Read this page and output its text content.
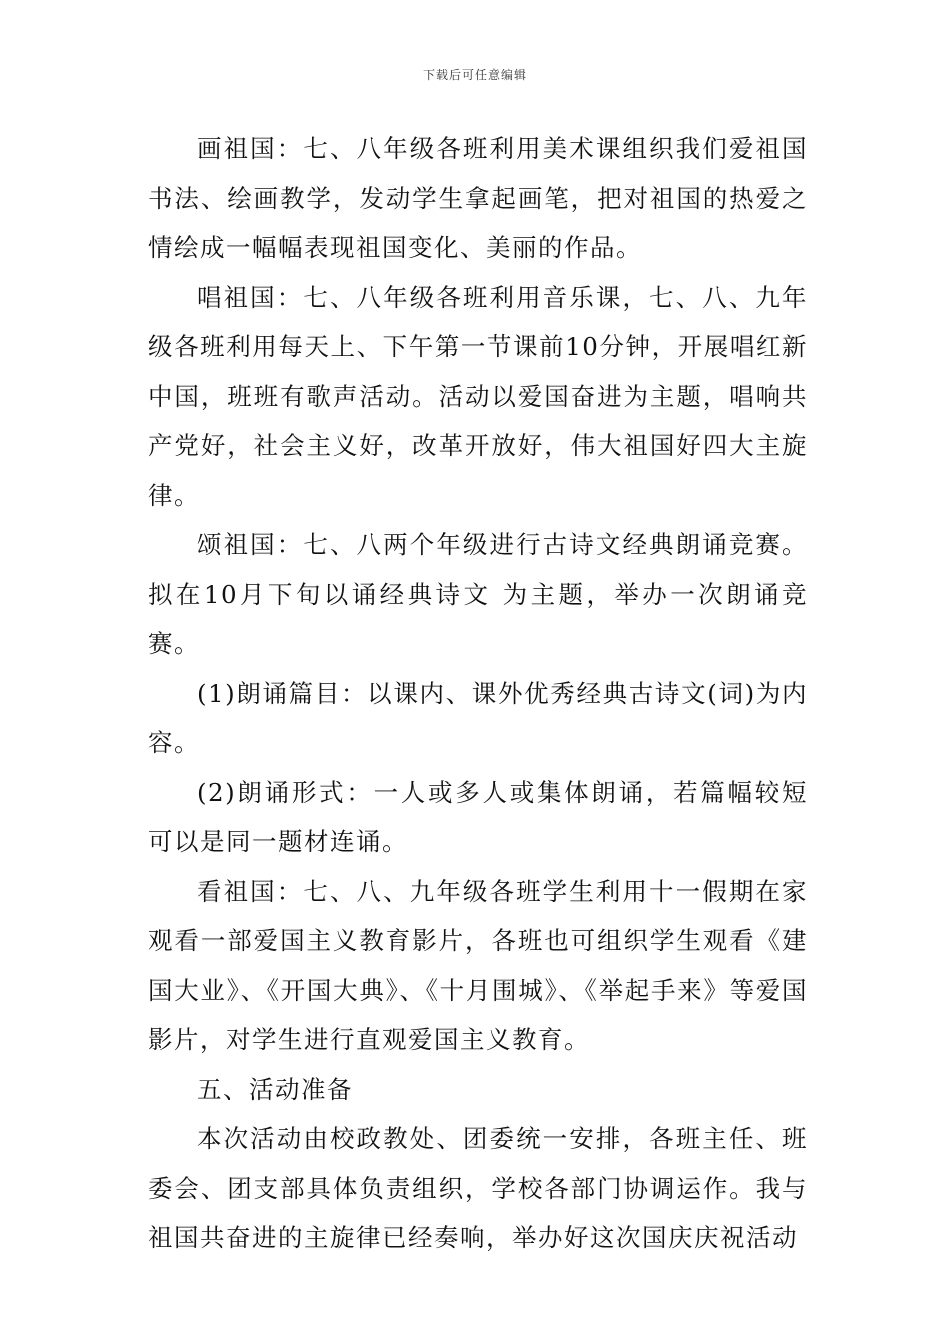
下载后可任意编辑

画祖国：七、八年级各班利用美术课组织我们爱祖国书法、绘画教学，发动学生拿起画笔，把对祖国的热爱之情绘成一幅幅表现祖国变化、美丽的作品。

唱祖国：七、八年级各班利用音乐课，七、八、九年级各班利用每天上、下午第一节课前10分钟，开展唱红新中国，班班有歌声活动。活动以爱国奋进为主题，唱响共产党好，社会主义好，改革开放好，伟大祖国好四大主旋律。

颂祖国：七、八两个年级进行古诗文经典朗诵竞赛。拟在10月下旬以诵经典诗文 为主题，举办一次朗诵竞赛。

(1)朗诵篇目：以课内、课外优秀经典古诗文(词)为内容。

(2)朗诵形式：一人或多人或集体朗诵，若篇幅较短可以是同一题材连诵。

看祖国：七、八、九年级各班学生利用十一假期在家观看一部爱国主义教育影片，各班也可组织学生观看《建国大业》、《开国大典》、《十月围城》、《举起手来》等爱国影片，对学生进行直观爱国主义教育。

五、活动准备

本次活动由校政教处、团委统一安排，各班主任、班委会、团支部具体负责组织，学校各部门协调运作。我与祖国共奋进的主旋律已经奏响，举办好这次国庆庆祝活动
